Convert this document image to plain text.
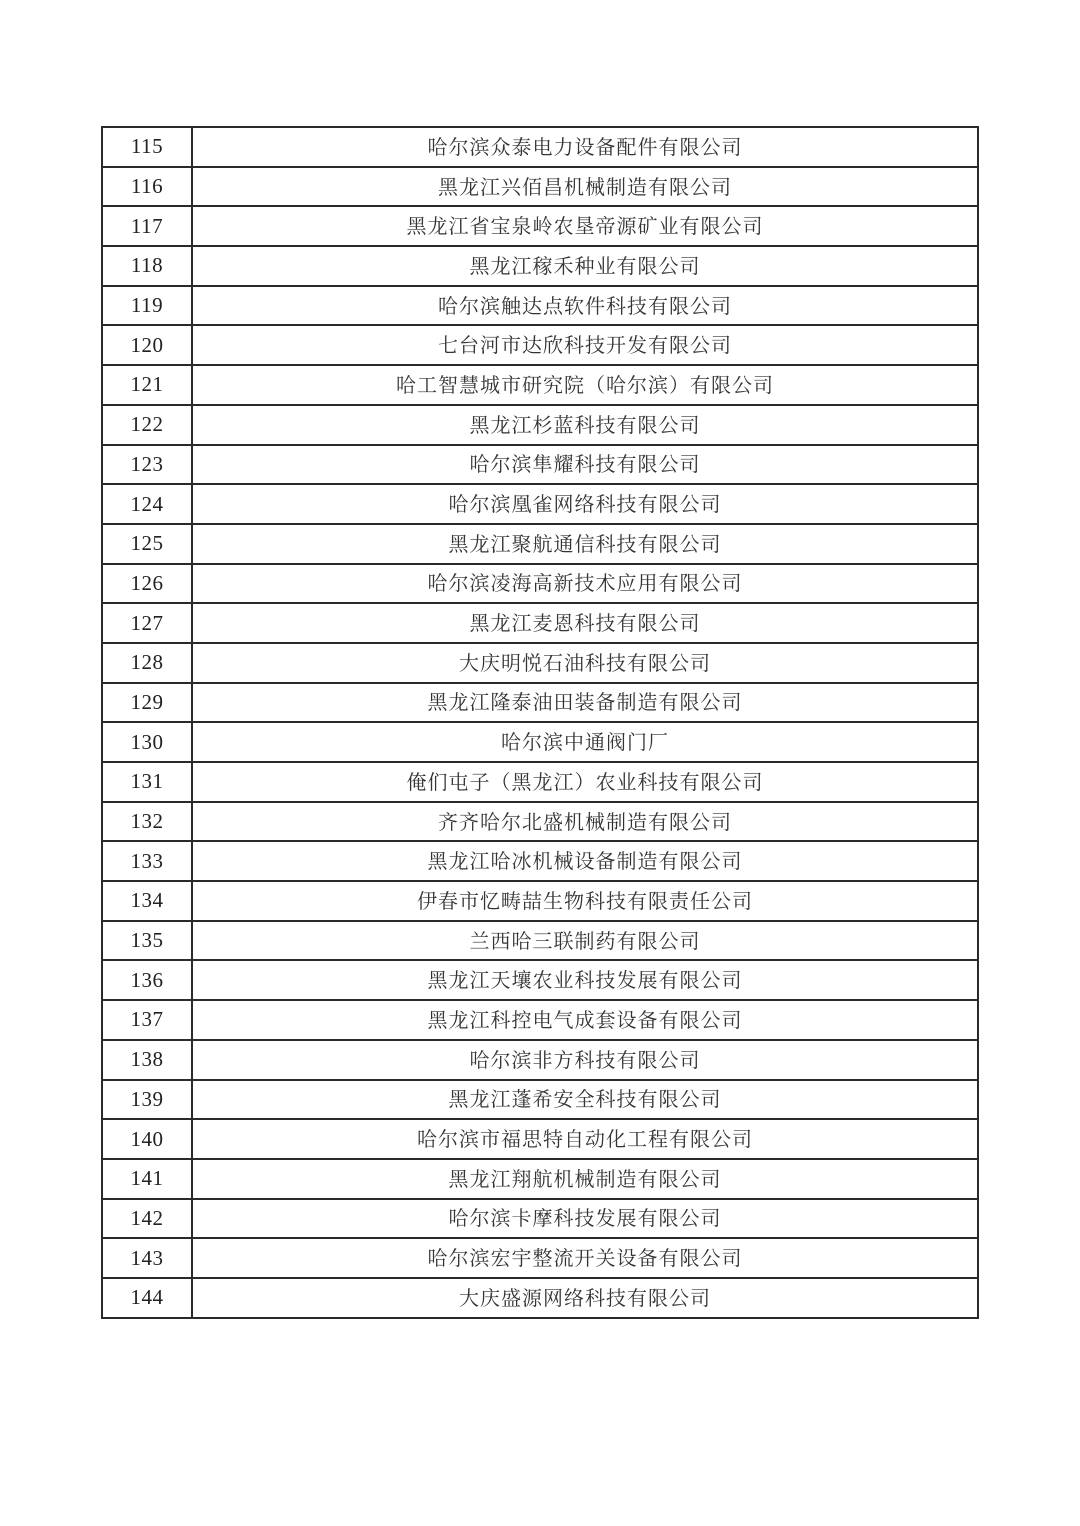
115	哈尔滨众泰电力设备配件有限公司
116	黑龙江兴佰昌机械制造有限公司
117	黑龙江省宝泉岭农垦帝源矿业有限公司
118	黑龙江稼禾种业有限公司
119	哈尔滨触达点软件科技有限公司
120	七台河市达欣科技开发有限公司
121	哈工智慧城市研究院（哈尔滨）有限公司
122	黑龙江杉蓝科技有限公司
123	哈尔滨隼耀科技有限公司
124	哈尔滨凰雀网络科技有限公司
125	黑龙江聚航通信科技有限公司
126	哈尔滨凌海高新技术应用有限公司
127	黑龙江麦恩科技有限公司
128	大庆明悦石油科技有限公司
129	黑龙江隆泰油田装备制造有限公司
130	哈尔滨中通阀门厂
131	俺们屯子（黑龙江）农业科技有限公司
132	齐齐哈尔北盛机械制造有限公司
133	黑龙江哈冰机械设备制造有限公司
134	伊春市忆畴喆生物科技有限责任公司
135	兰西哈三联制药有限公司
136	黑龙江天壤农业科技发展有限公司
137	黑龙江科控电气成套设备有限公司
138	哈尔滨非方科技有限公司
139	黑龙江蓬希安全科技有限公司
140	哈尔滨市福思特自动化工程有限公司
141	黑龙江翔航机械制造有限公司
142	哈尔滨卡摩科技发展有限公司
143	哈尔滨宏宇整流开关设备有限公司
144	大庆盛源网络科技有限公司
